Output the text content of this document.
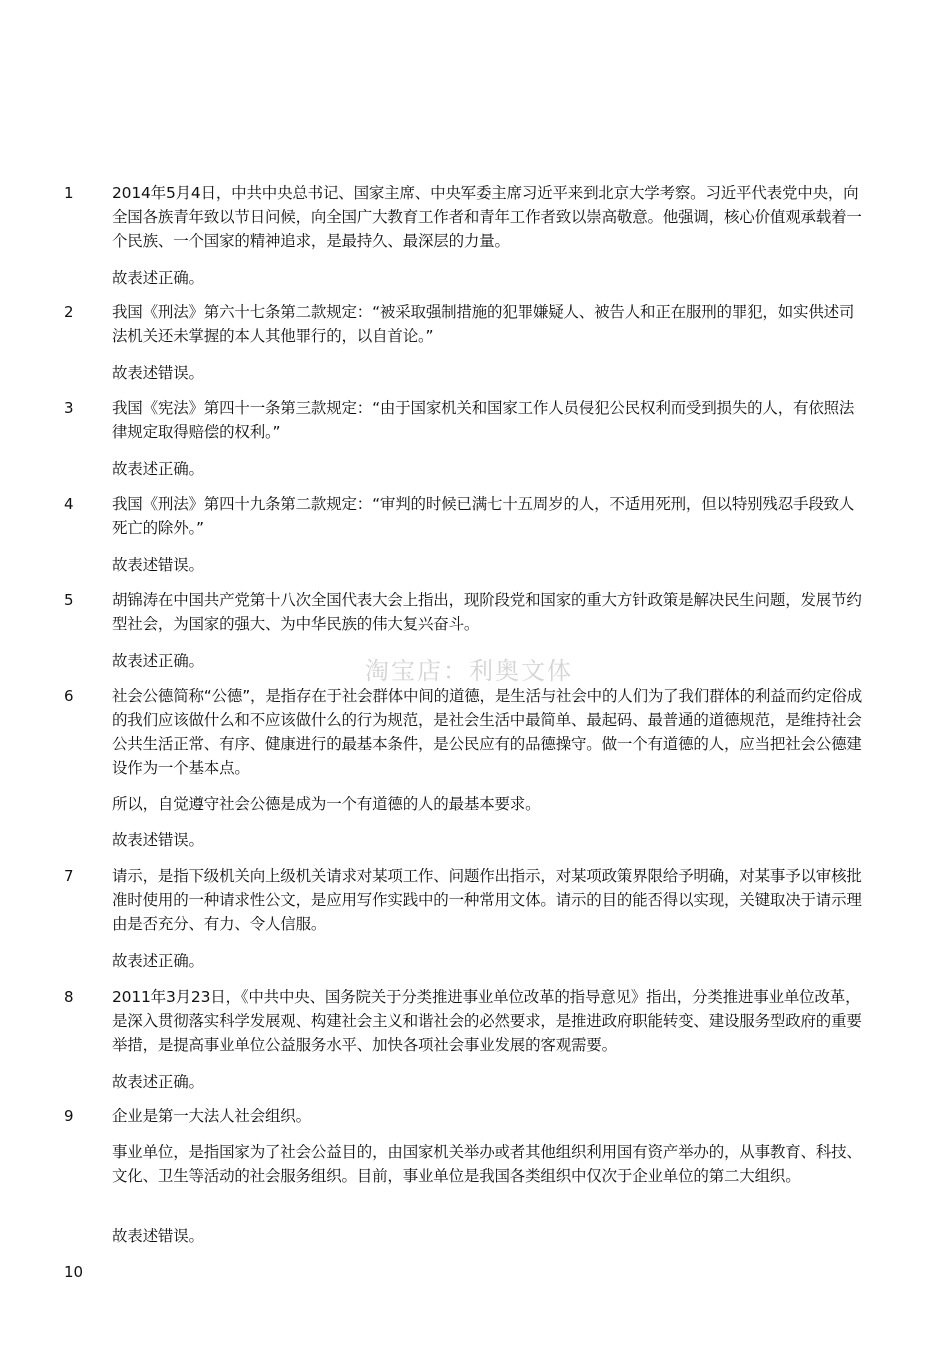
1 2014年5月4日，中共中央总书记、国家主席、中央军委主席习近平来到北京大学考察。习近平代表党中央，向全国各族青年致以节日问候，向全国广大教育工作者和青年工作者致以崇高敬意。他强调，核心价值观承载着一个民族、一个国家的精神追求，是最持久、最深层的力量。

故表述正确。

2 我国《刑法》第六十七条第二款规定：“被采取强制措施的犯罪嫌疑人、被告人和正在服刑的罪犯，如实供述司法机关还未掌握的本人其他罪行的，以自首论。”

故表述错误。

3 我国《宪法》第四十一条第三款规定：“由于国家机关和国家工作人员侵犯公民权利而受到损失的人，有依照法律规定取得赔偿的权利。”

故表述正确。

4 我国《刑法》第四十九条第二款规定：“审判的时候已满七十五周岁的人，不适用死刑，但以特别残忍手段致人死亡的除外。”

故表述错误。

5 胡锦涛在中国共产党第十八次全国代表大会上指出，现阶段党和国家的重大方针政策是解决民生问题，发展节约型社会，为国家的强大、为中华民族的伟大复兴奋斗。

故表述正确。

6 社会公德简称“公德”，是指存在于社会群体中间的道德，是生活与社会中的人们为了我们群体的利益而约定俗成的我们应该做什么和不应该做什么的行为规范，是社会生活中最简单、最起码、最普通的道德规范，是维持社会公共生活正常、有序、健康进行的最基本条件，是公民应有的品德操守。做一个有道德的人，应当把社会公德建设作为一个基本点。

所以，自觉遵守社会公德是成为一个有道德的人的最基本要求。

故表述错误。

7 请示，是指下级机关向上级机关请求对某项工作、问题作出指示，对某项政策界限给予明确，对某事予以审核批准时使用的一种请求性公文，是应用写作实践中的一种常用文体。请示的目的能否得以实现，关键取决于请示理由是否充分、有力、令人信服。

故表述正确。

8 2011年3月23日，《中共中央、国务院关于分类推进事业单位改革的指导意见》指出，分类推进事业单位改革，是深入贯彻落实科学发展观、构建社会主义和谐社会的必然要求，是推进政府职能转变、建设服务型政府的重要举措，是提高事业单位公益服务水平、加快各项社会事业发展的客观需要。

故表述正确。

9 企业是第一大法人社会组织。

事业单位，是指国家为了社会公益目的，由国家机关举办或者其他组织利用国有资产举办的，从事教育、科技、文化、卫生等活动的社会服务组织。目前，事业单位是我国各类组织中仅次于企业单位的第二大组织。

故表述错误。

10
淘宝店：利奥文体
